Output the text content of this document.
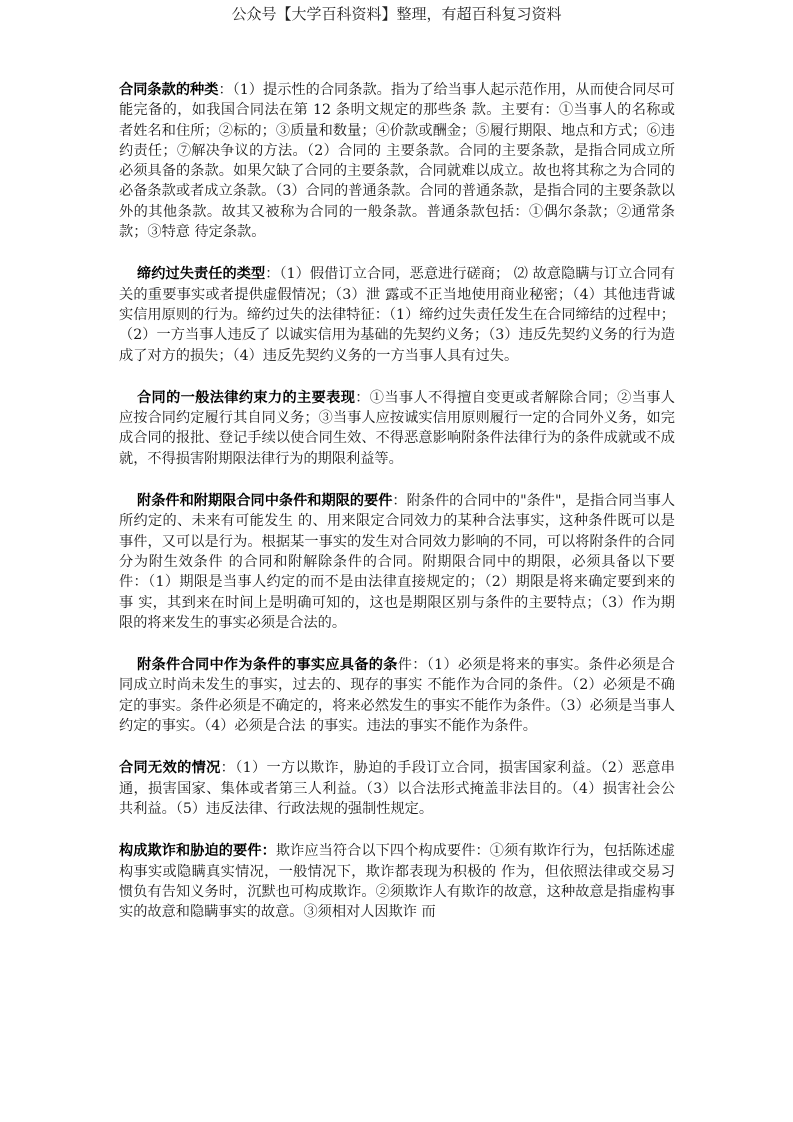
公众号【大学百科资料】整理，有超百科复习资料

合同条款的种类：（1）提示性的合同条款。指为了给当事人起示范作用，从而使合同尽可能完备的，如我国合同法在第 12 条明文规定的那些条 款。主要有：①当事人的名称或者姓名和住所；②标的；③质量和数量；④价款或酬金；⑤履行期限、地点和方式；⑥违约责任；⑦解决争议的方法。（2）合同的 主要条款。合同的主要条款，是指合同成立所必须具备的条款。如果欠缺了合同的主要条款，合同就难以成立。故也将其称之为合同的必备条款或者成立条款。（3）合同的普通条款。合同的普通条款，是指合同的主要条款以外的其他条款。故其又被称为合同的一般条款。普通条款包括：①偶尔条款；②通常条款；③特意 待定条款。

缔约过失责任的类型：（1）假借订立合同，恶意进行磋商； ⑵ 故意隐瞒与订立合同有关的重要事实或者提供虚假情况；（3）泄 露或不正当地使用商业秘密；（4）其他违背诚实信用原则的行为。缔约过失的法律特征：（1）缔约过失责任发生在合同缔结的过程中；（2）一方当事人违反了 以诚实信用为基础的先契约义务；（3）违反先契约义务的行为造成了对方的损失；（4）违反先契约义务的一方当事人具有过失。

合同的一般法律约束力的主要表现：①当事人不得擅自变更或者解除合同；②当事人应按合同约定履行其自同义务；③当事人应按诚实信用原则履行一定的合同外义务，如完成合同的报批、登记手续以使合同生效、不得恶意影响附条件法律行为的条件成就或不成就，不得损害附期限法律行为的期限利益等。

附条件和附期限合同中条件和期限的要件：附条件的合同中的"条件"，是指合同当事人所约定的、未来有可能发生 的、用来限定合同效力的某种合法事实，这种条件既可以是事件，又可以是行为。根据某一事实的发生对合同效力影响的不同，可以将附条件的合同分为附生效条件 的合同和附解除条件的合同。附期限合同中的期限，必须具备以下要件：（1）期限是当事人约定的而不是由法律直接规定的；（2）期限是将来确定要到来的事 实，其到来在时间上是明确可知的，这也是期限区别与条件的主要特点；（3）作为期限的将来发生的事实必须是合法的。

附条件合同中作为条件的事实应具备的条件：（1）必须是将来的事实。条件必须是合同成立时尚未发生的事实，过去的、现存的事实 不能作为合同的条件。（2）必须是不确定的事实。条件必须是不确定的，将来必然发生的事实不能作为条件。（3）必须是当事人约定的事实。（4）必须是合法 的事实。违法的事实不能作为条件。

合同无效的情况：（1）一方以欺诈，胁迫的手段订立合同，损害国家利益。（2）恶意串通，损害国家、集体或者第三人利益。（3）以合法形式掩盖非法目的。（4）损害社会公共利益。（5）违反法律、行政法规的强制性规定。

构成欺诈和胁迫的要件：欺诈应当符合以下四个构成要件：①须有欺诈行为，包括陈述虚构事实或隐瞒真实情况，一般情况下，欺诈都表现为积极的 作为，但依照法律或交易习惯负有告知义务时，沉默也可构成欺诈。②须欺诈人有欺诈的故意，这种故意是指虚构事实的故意和隐瞒事实的故意。③须相对人因欺诈 而
